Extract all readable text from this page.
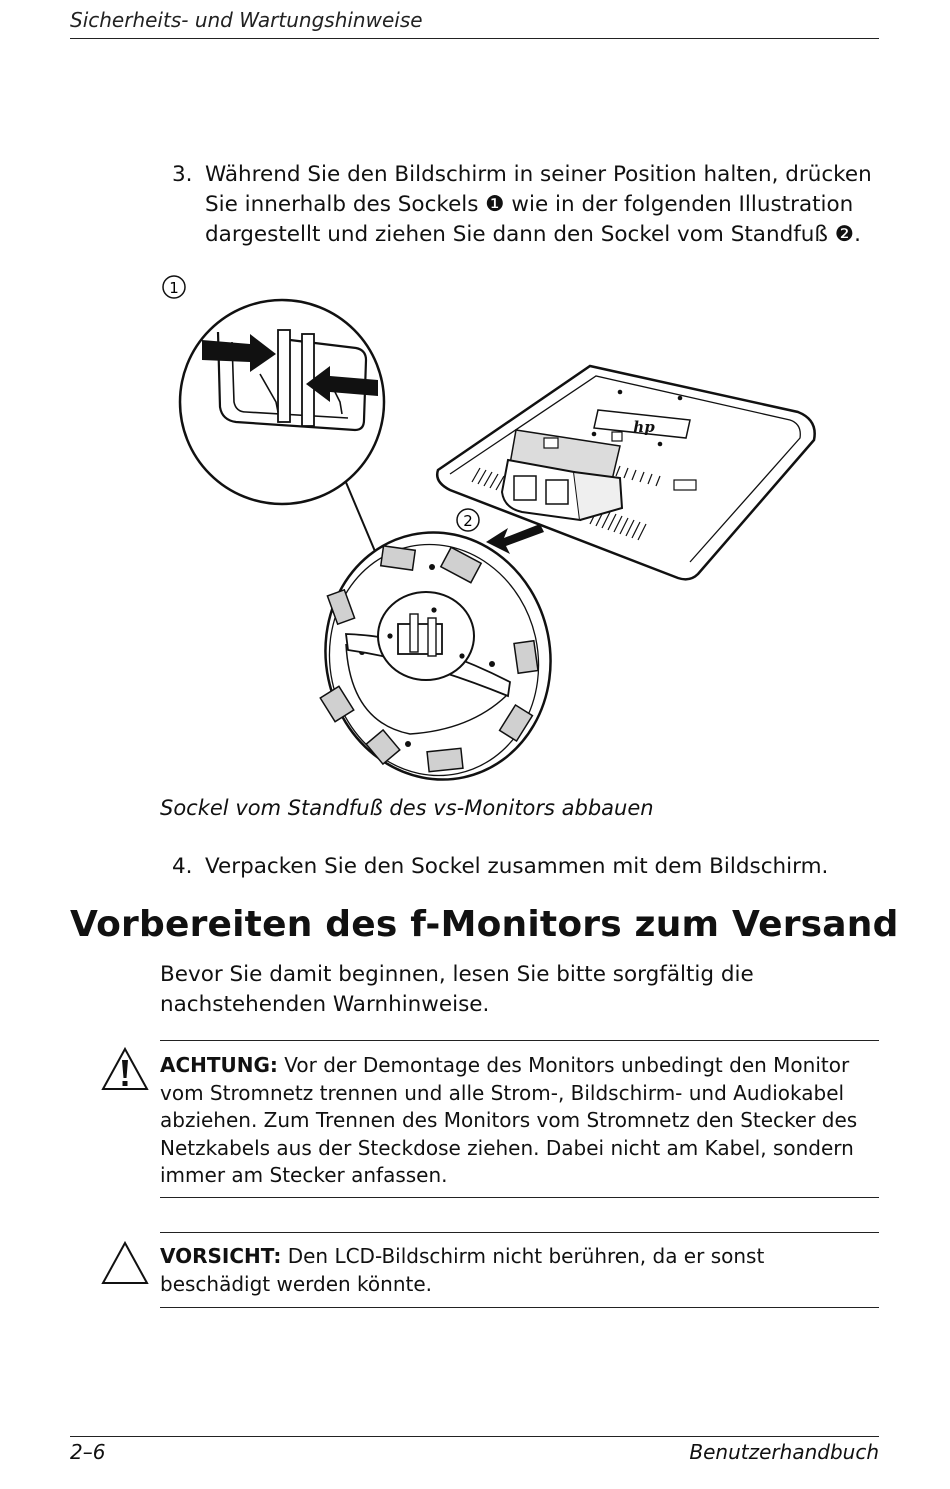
Sicherheits- und Wartungshinweise
3. Während Sie den Bildschirm in seiner Position halten, drücken Sie innerhalb des Sockels ❶ wie in der folgenden Illustration dargestellt und ziehen Sie dann den Sockel vom Standfuß ❷.
1
hp
2
Sockel vom Standfuß des vs-Monitors abbauen
4. Verpacken Sie den Sockel zusammen mit dem Bildschirm.
Vorbereiten des f-Monitors zum Versand
Bevor Sie damit beginnen, lesen Sie bitte sorgfältig die nachstehenden Warnhinweise.
ACHTUNG: Vor der Demontage des Monitors unbedingt den Monitor vom Stromnetz trennen und alle Strom-, Bildschirm- und Audiokabel abziehen. Zum Trennen des Monitors vom Stromnetz den Stecker des Netzkabels aus der Steckdose ziehen. Dabei nicht am Kabel, sondern immer am Stecker anfassen.
VORSICHT: Den LCD-Bildschirm nicht berühren, da er sonst beschädigt werden könnte.
2–6	Benutzerhandbuch
